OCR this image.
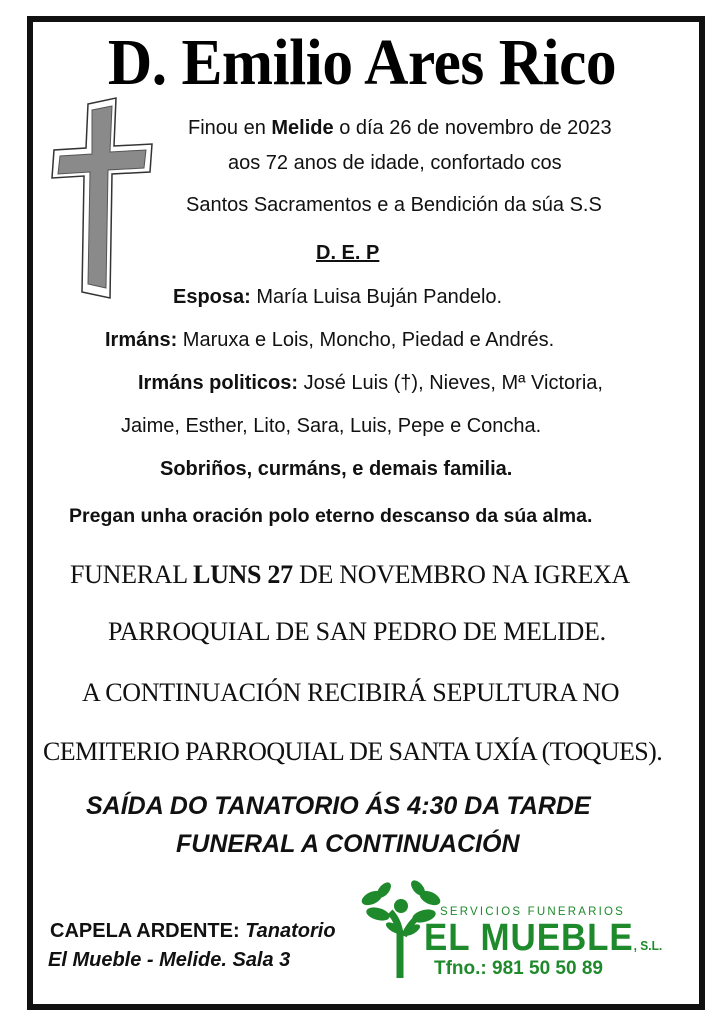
D. Emilio Ares Rico
Finou en Melide o día 26 de novembro de 2023
aos 72 anos de idade, confortado cos
Santos Sacramentos e a Bendición da súa S.S
D. E. P
Esposa: María Luisa Buján Pandelo.
Irmáns: Maruxa e Lois, Moncho, Piedad e Andrés.
Irmáns politicos: José Luis (†), Nieves, Mª Victoria,
Jaime, Esther, Lito, Sara, Luis, Pepe e Concha.
Sobriños, curmáns, e demais familia.
Pregan unha oración polo eterno descanso da súa alma.
FUNERAL LUNS 27 DE NOVEMBRO NA IGREXA
PARROQUIAL DE SAN PEDRO DE MELIDE.
A CONTINUACIÓN RECIBIRÁ SEPULTURA NO
CEMITERIO PARROQUIAL DE SANTA UXÍA (TOQUES).
SAÍDA DO TANATORIO ÁS 4:30 DA TARDE
FUNERAL A CONTINUACIÓN
CAPELA ARDENTE: Tanatorio
El Mueble - Melide. Sala 3
SERVICIOS FUNERARIOS
EL MUEBLE, S.L.
Tfno.: 981 50 50 89
